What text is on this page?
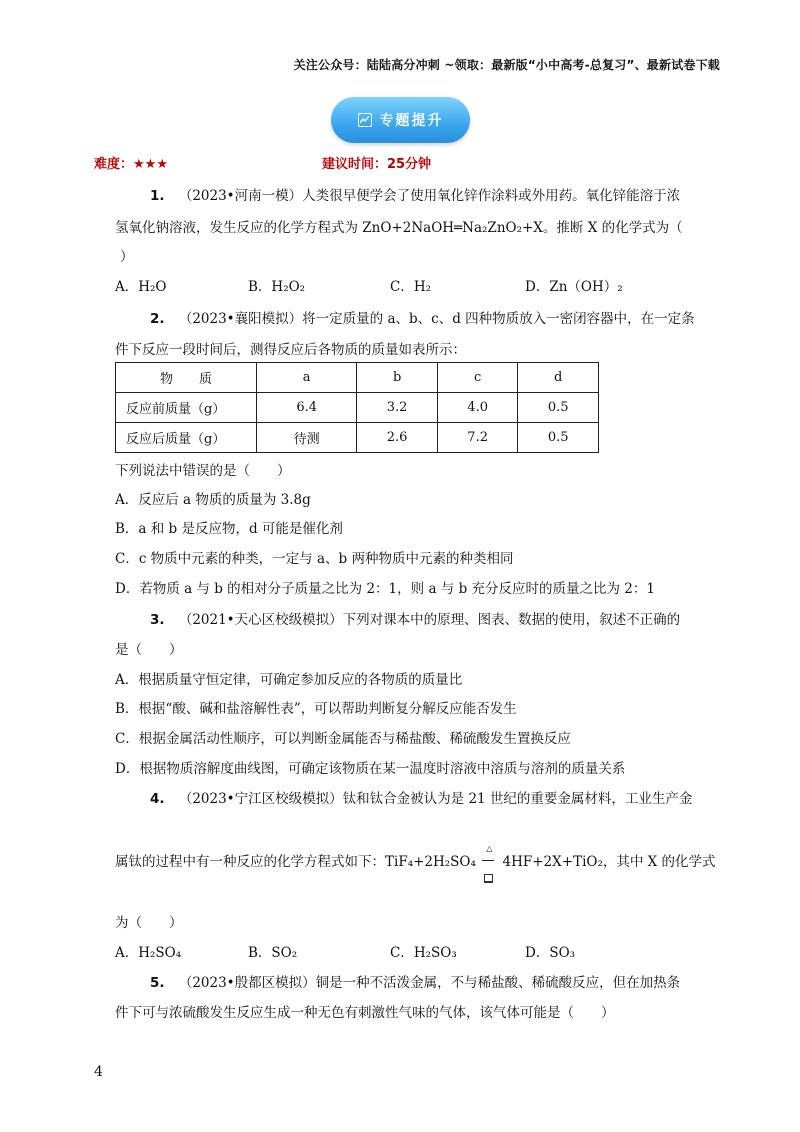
关注公众号：陆陆高分冲刺 ~领取：最新版“小中高考-总复习”、最新试卷下载
专题提升
难度：★★★	建议时间：25分钟
1. （2023•河南一模）人类很早便学会了使用氧化锌作涂料或外用药。氧化锌能溶于浓
氢氧化钠溶液，发生反应的化学方程式为 ZnO+2NaOH═Na₂ZnO₂+X。推断 X 的化学式为（
）
A．H₂O	B．H₂O₂	C．H₂	D．Zn（OH）₂
2. （2023•襄阳模拟）将一定质量的 a、b、c、d 四种物质放入一密闭容器中，在一定条
件下反应一段时间后，测得反应后各物质的质量如表所示：
物　　质	a	b	c	d
反应前质量（g）	6.4	3.2	4.0	0.5
反应后质量（g）	待测	2.6	7.2	0.5
下列说法中错误的是（　　）
A．反应后 a 物质的质量为 3.8g
B．a 和 b 是反应物，d 可能是催化剂
C．c 物质中元素的种类，一定与 a、b 两种物质中元素的种类相同
D．若物质 a 与 b 的相对分子质量之比为 2：1，则 a 与 b 充分反应时的质量之比为 2：1
3. （2021•天心区校级模拟）下列对课本中的原理、图表、数据的使用，叙述不正确的
是（　　）
A．根据质量守恒定律，可确定参加反应的各物质的质量比
B．根据“酸、碱和盐溶解性表”，可以帮助判断复分解反应能否发生
C．根据金属活动性顺序，可以判断金属能否与稀盐酸、稀硫酸发生置换反应
D．根据物质溶解度曲线图，可确定该物质在某一温度时溶液中溶质与溶剂的质量关系
4. （2023•宁江区校级模拟）钛和钛合金被认为是 21 世纪的重要金属材料，工业生产金
属钛的过程中有一种反应的化学方程式如下：TiF₄+2H₂SO₄
△
4HF+2X+TiO₂，其中 X 的化学式
为（　　）
A．H₂SO₄	B．SO₂	C．H₂SO₃	D．SO₃
5. （2023•殷都区模拟）铜是一种不活泼金属，不与稀盐酸、稀硫酸反应，但在加热条
件下可与浓硫酸发生反应生成一种无色有刺激性气味的气体，该气体可能是（　　）
4
